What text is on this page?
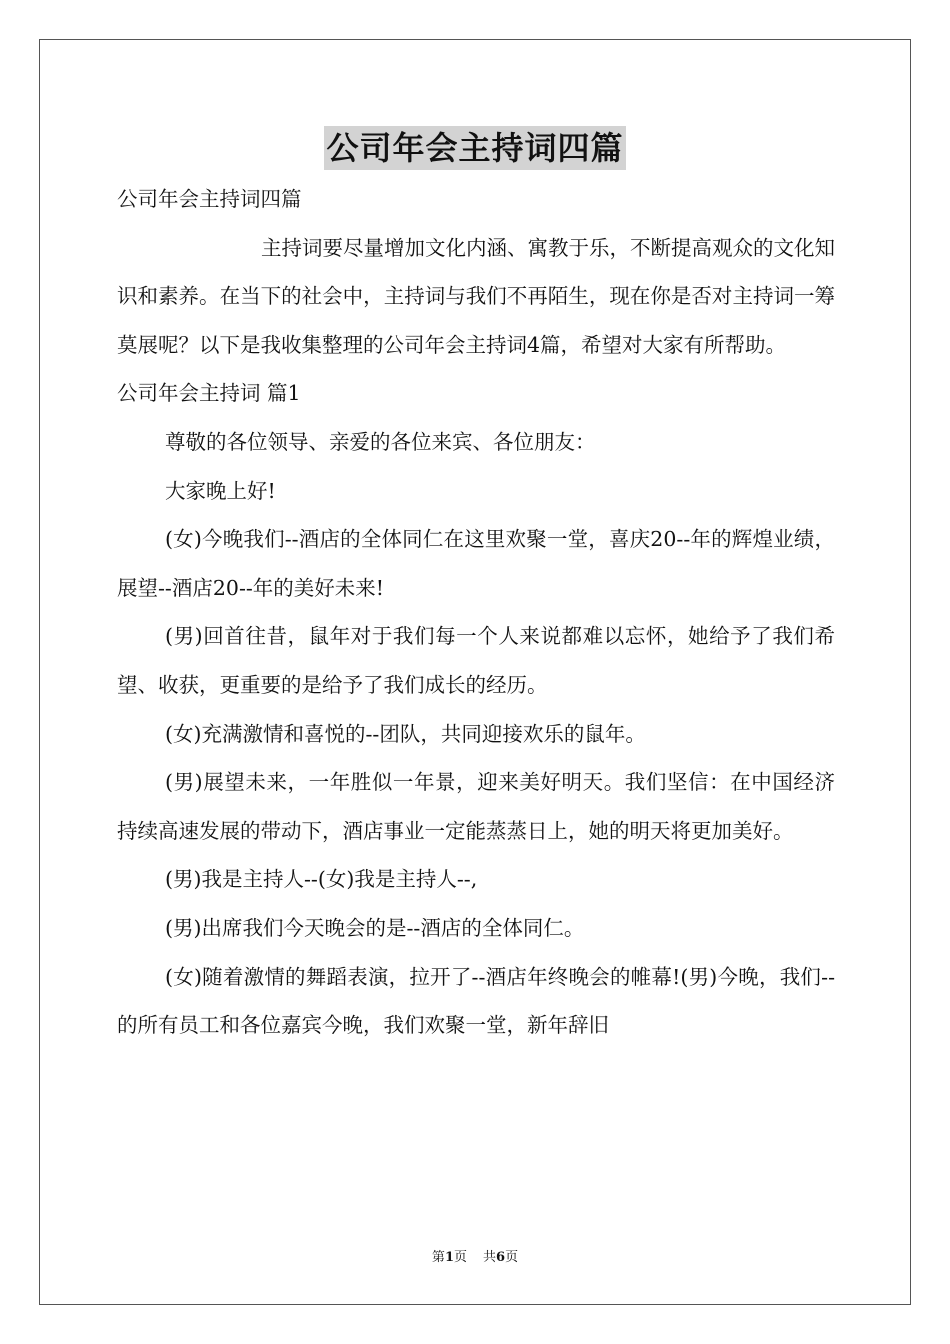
公司年会主持词四篇

公司年会主持词四篇

主持词要尽量增加文化内涵、寓教于乐，不断提高观众的文化知识和素养。在当下的社会中，主持词与我们不再陌生，现在你是否对主持词一筹莫展呢？以下是我收集整理的公司年会主持词4篇，希望对大家有所帮助。

公司年会主持词 篇1

尊敬的各位领导、亲爱的各位来宾、各位朋友：

大家晚上好!

(女)今晚我们--酒店的全体同仁在这里欢聚一堂，喜庆20--年的辉煌业绩，展望--酒店20--年的美好未来!

(男)回首往昔，鼠年对于我们每一个人来说都难以忘怀，她给予了我们希望、收获，更重要的是给予了我们成长的经历。

(女)充满激情和喜悦的--团队，共同迎接欢乐的鼠年。

(男)展望未来，一年胜似一年景，迎来美好明天。我们坚信：在中国经济持续高速发展的带动下，酒店事业一定能蒸蒸日上，她的明天将更加美好。

(男)我是主持人--(女)我是主持人--,

(男)出席我们今天晚会的是--酒店的全体同仁。

(女)随着激情的舞蹈表演，拉开了--酒店年终晚会的帷幕!(男)今晚，我们--的所有员工和各位嘉宾今晚，我们欢聚一堂，新年辞旧

第1页 共6页
